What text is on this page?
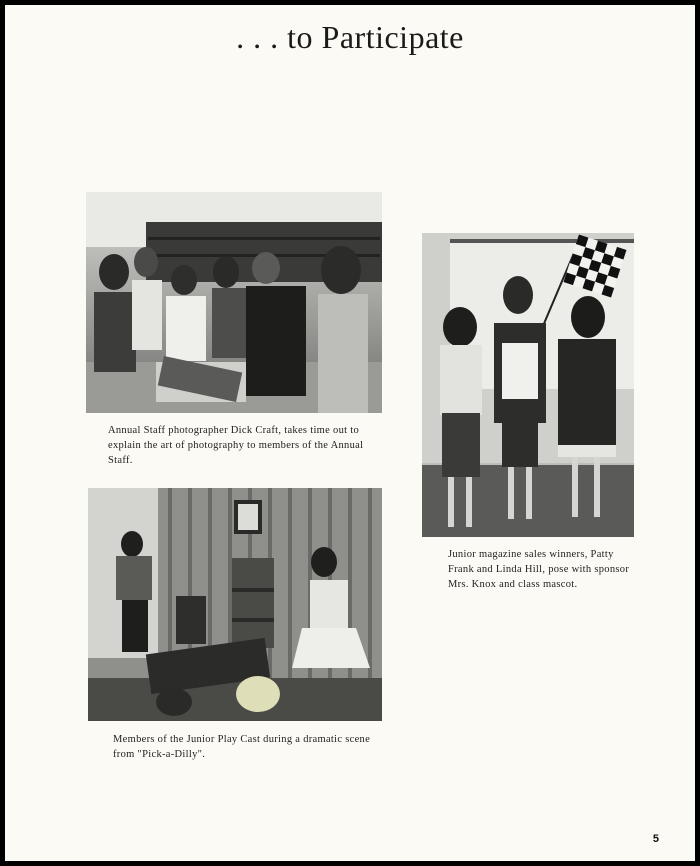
. . . to Participate

Annual Staff photographer Dick Craft, takes time out to explain the art of photography to members of the Annual Staff.

Junior magazine sales winners, Patty Frank and Linda Hill, pose with sponsor Mrs. Knox and class mascot.

Members of the Junior Play Cast during a dramatic scene from "Pick-a-Dilly".

5
